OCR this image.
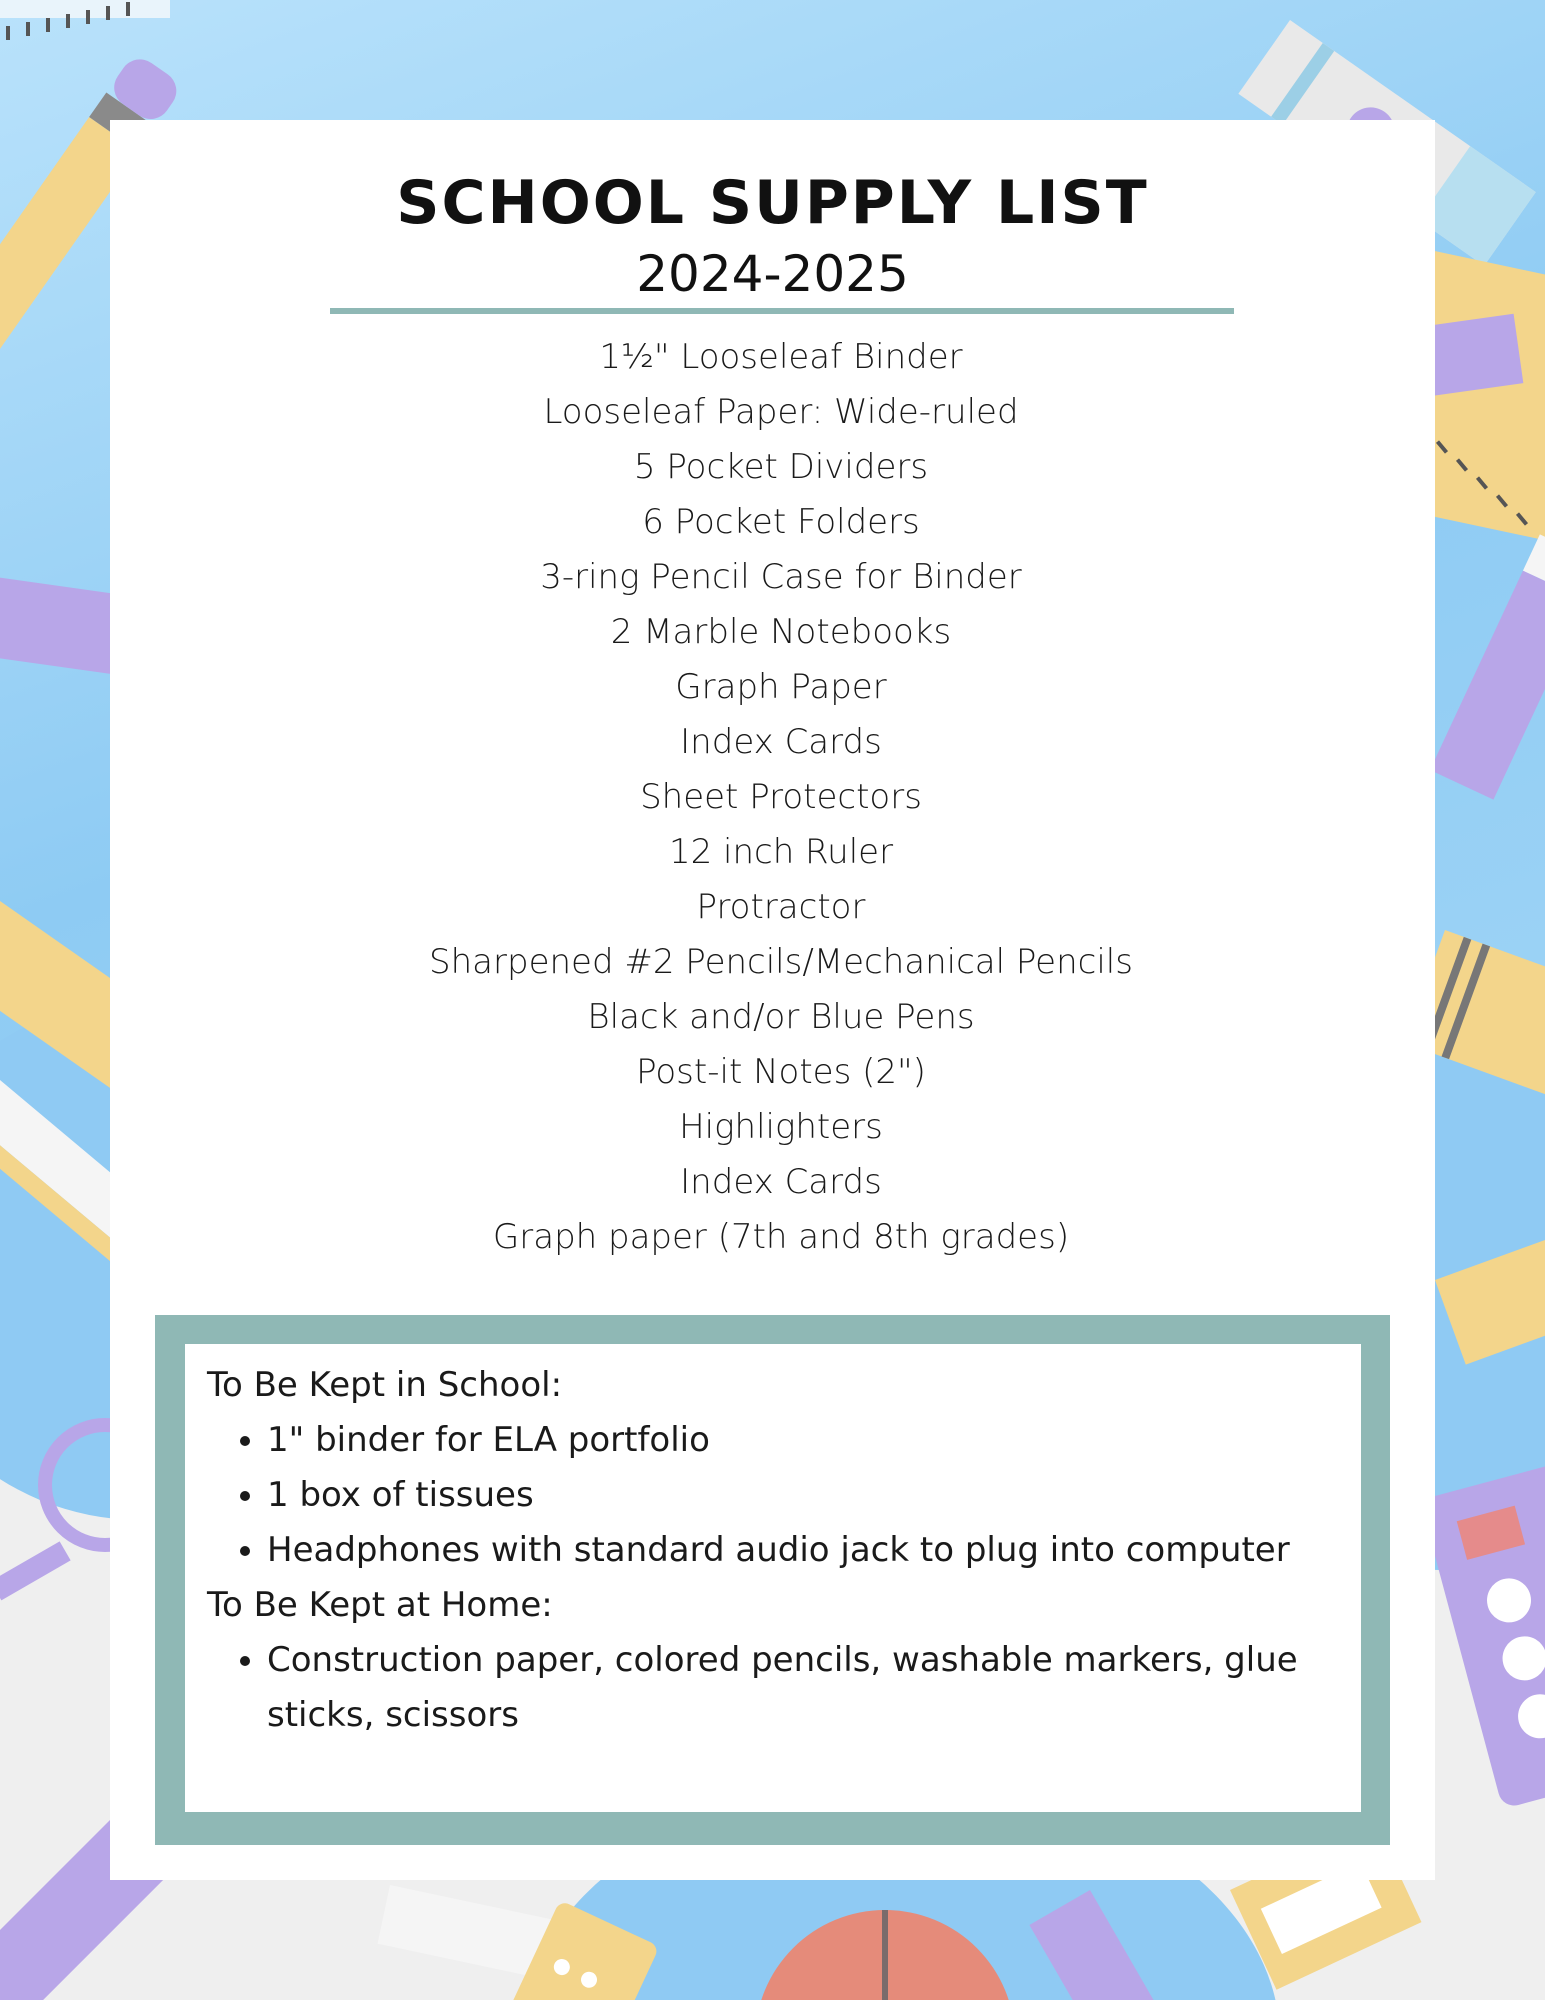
SCHOOL SUPPLY LIST
2024-2025
1½" Looseleaf Binder
Looseleaf Paper: Wide-ruled
5 Pocket Dividers
6 Pocket Folders
3-ring Pencil Case for Binder
2 Marble Notebooks
Graph Paper
Index Cards
Sheet Protectors
12 inch Ruler
Protractor
Sharpened #2 Pencils/Mechanical Pencils
Black and/or Blue Pens
Post-it Notes (2")
Highlighters
Index Cards
Graph paper (7th and 8th grades)

To Be Kept in School:

• 1" binder for ELA portfolio
• 1 box of tissues
• Headphones with standard audio jack to plug into computer

To Be Kept at Home:

• Construction paper, colored pencils, washable markers, glue sticks, scissors
